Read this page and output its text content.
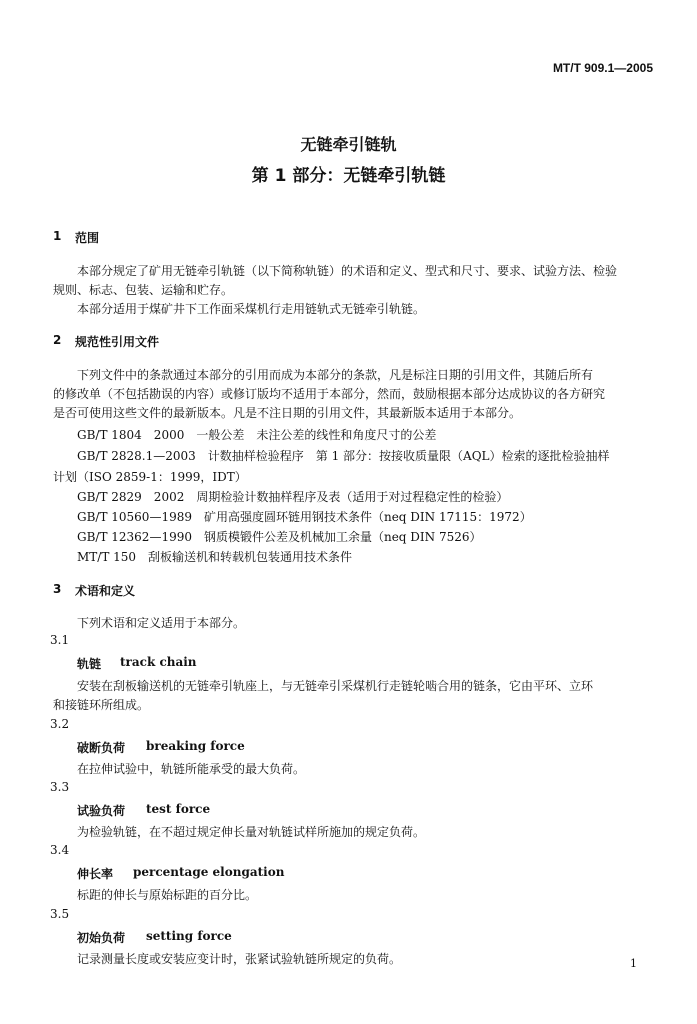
MT/T 909.1—2005
无链牵引链轨
第 1 部分：无链牵引轨链
1 范围
本部分规定了矿用无链牵引轨链（以下简称轨链）的术语和定义、型式和尺寸、要求、试验方法、检验
规则、标志、包装、运输和贮存。
本部分适用于煤矿井下工作面采煤机行走用链轨式无链牵引轨链。
2 规范性引用文件
下列文件中的条款通过本部分的引用而成为本部分的条款，凡是标注日期的引用文件，其随后所有
的修改单（不包括勘误的内容）或修订版均不适用于本部分，然而，鼓励根据本部分达成协议的各方研究
是否可使用这些文件的最新版本。凡是不注日期的引用文件，其最新版本适用于本部分。
GB/T 1804　2000　一般公差　未注公差的线性和角度尺寸的公差
GB/T 2828.1—2003　计数抽样检验程序　第 1 部分：按接收质量限（AQL）检索的逐批检验抽样
计划（ISO 2859-1：1999，IDT）
GB/T 2829　2002　周期检验计数抽样程序及表（适用于对过程稳定性的检验）
GB/T 10560—1989　矿用高强度圆环链用钢技术条件（neq DIN 17115：1972）
GB/T 12362—1990　钢质模锻件公差及机械加工余量（neq DIN 7526）
MT/T 150　刮板输送机和转载机包装通用技术条件
3 术语和定义
下列术语和定义适用于本部分。
3.1
轨链 track chain
安装在刮板输送机的无链牵引轨座上，与无链牵引采煤机行走链轮啮合用的链条，它由平环、立环
和接链环所组成。
3.2
破断负荷 breaking force
在拉伸试验中，轨链所能承受的最大负荷。
3.3
试验负荷 test force
为检验轨链，在不超过规定伸长量对轨链试样所施加的规定负荷。
3.4
伸长率 percentage elongation
标距的伸长与原始标距的百分比。
3.5
初始负荷 setting force
记录测量长度或安装应变计时，张紧试验轨链所规定的负荷。	1
